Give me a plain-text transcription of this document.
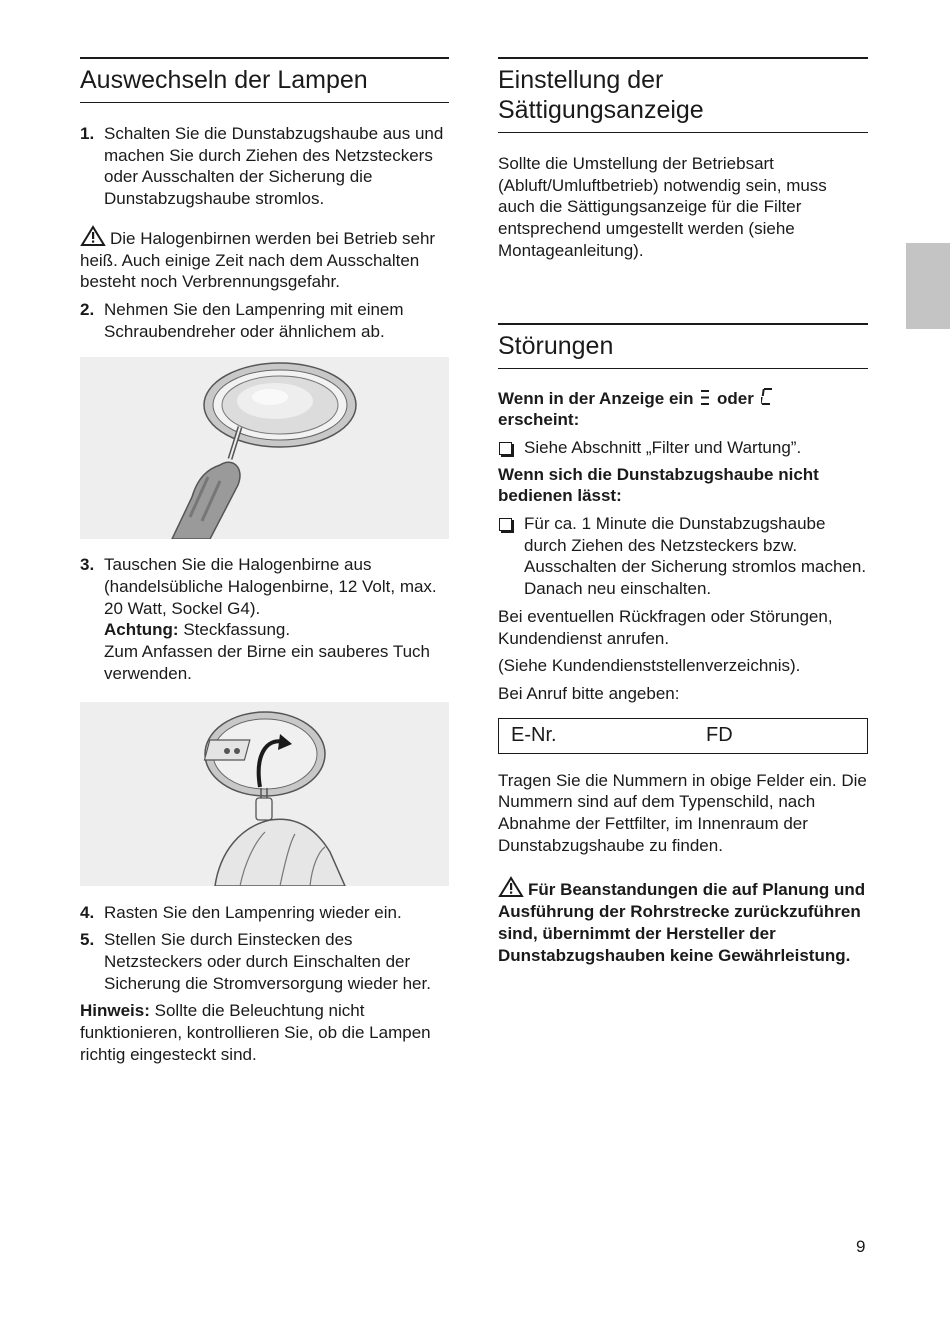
Auswechseln der Lampen
1. Schalten Sie die Dunstabzugshaube aus und machen Sie durch Ziehen des Netzsteckers oder Ausschalten der Sicherung die Dunstabzugshaube stromlos.

Die Halogenbirnen werden bei Betrieb sehr heiß. Auch einige Zeit nach dem Ausschalten besteht noch Verbrennungsgefahr.

2. Nehmen Sie den Lampenring mit einem Schraubendreher oder ähnlichem ab.
3. Tauschen Sie die Halogenbirne aus (handelsübliche Halogenbirne, 12 Volt, max. 20 Watt, Sockel G4).
Achtung: Steckfassung.
Zum Anfassen der Birne ein sauberes Tuch verwenden.
4. Rasten Sie den Lampenring wieder ein.
5. Stellen Sie durch Einstecken des Netzsteckers oder durch Einschalten der Sicherung die Stromversorgung wieder her.

Hinweis: Sollte die Beleuchtung nicht funktionieren, kontrollieren Sie, ob die Lampen richtig eingesteckt sind.

Einstellung der Sättigungsanzeige

Sollte die Umstellung der Betriebsart (Abluft/Umluftbetrieb) notwendig sein, muss auch die Sättigungsanzeige für die Filter entsprechend umgestellt werden (siehe Montageanleitung).

Störungen

Wenn in der Anzeige ein oder
erscheint:

Siehe Abschnitt „Filter und Wartung”.

Wenn sich die Dunstabzugshaube nicht bedienen lässt:

Für ca. 1 Minute die Dunstabzugshaube durch Ziehen des Netzsteckers bzw. Ausschalten der Sicherung stromlos machen.
Danach neu einschalten.

Bei eventuellen Rückfragen oder Störungen, Kundendienst anrufen.

(Siehe Kundendienststellenverzeichnis).

Bei Anruf bitte angeben:

E-Nr.	FD

Tragen Sie die Nummern in obige Felder ein. Die Nummern sind auf dem Typenschild, nach Abnahme der Fettfilter, im Innenraum der Dunstabzugshaube zu finden.

Für Beanstandungen die auf Planung und Ausführung der Rohrstrecke zurückzuführen sind, übernimmt der Hersteller der Dunstabzugshauben keine Gewährleistung.

9
